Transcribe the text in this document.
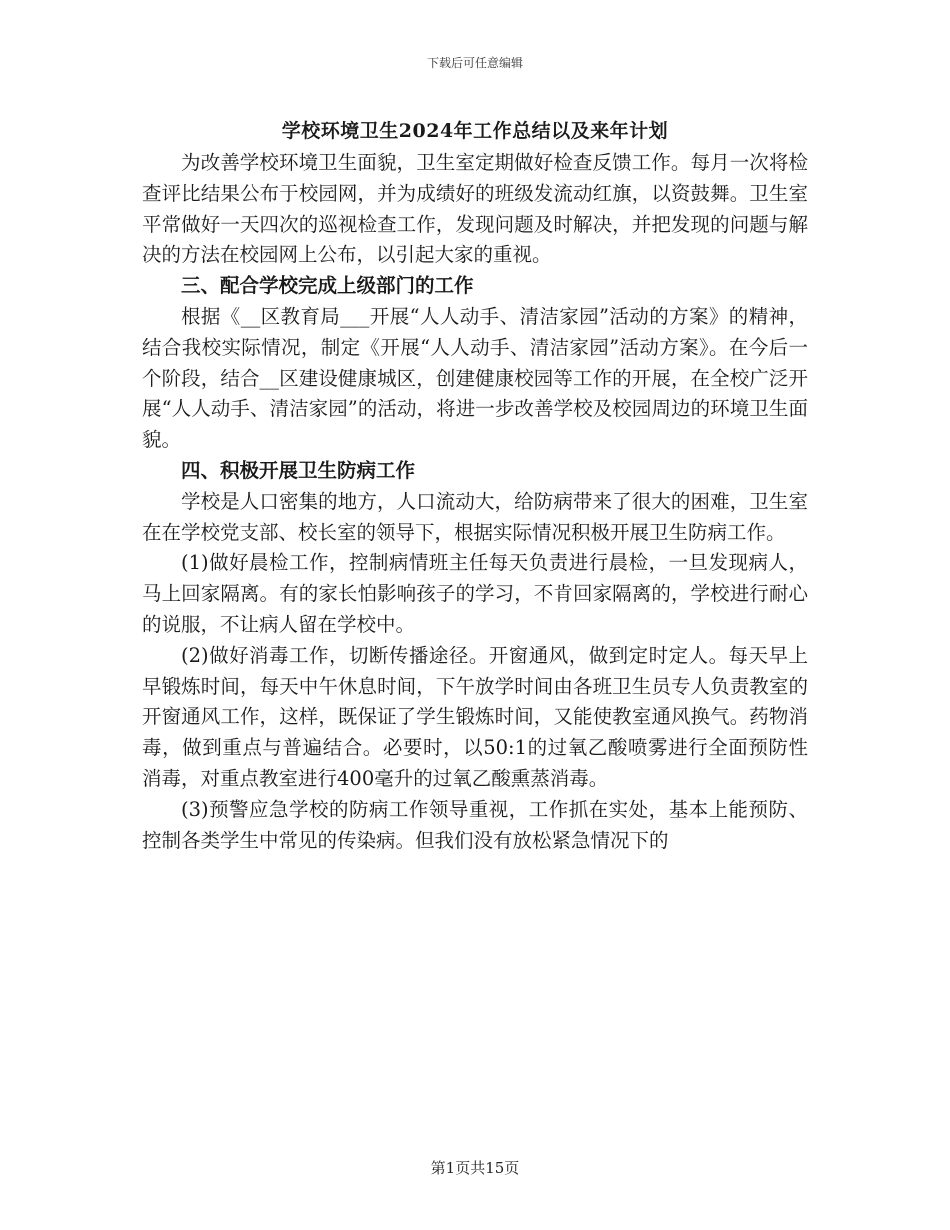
下载后可任意编辑
学校环境卫生2024年工作总结以及来年计划

为改善学校环境卫生面貌，卫生室定期做好检查反馈工作。每月一次将检查评比结果公布于校园网，并为成绩好的班级发流动红旗，以资鼓舞。卫生室平常做好一天四次的巡视检查工作，发现问题及时解决，并把发现的问题与解决的方法在校园网上公布，以引起大家的重视。

三、配合学校完成上级部门的工作

根据《__区教育局___开展“人人动手、清洁家园”活动的方案》的精神，结合我校实际情况，制定《开展“人人动手、清洁家园”活动方案》。在今后一个阶段，结合__区建设健康城区，创建健康校园等工作的开展，在全校广泛开展“人人动手、清洁家园”的活动，将进一步改善学校及校园周边的环境卫生面貌。

四、积极开展卫生防病工作

学校是人口密集的地方，人口流动大，给防病带来了很大的困难，卫生室在在学校党支部、校长室的领导下，根据实际情况积极开展卫生防病工作。

(1)做好晨检工作，控制病情班主任每天负责进行晨检，一旦发现病人，马上回家隔离。有的家长怕影响孩子的学习，不肯回家隔离的，学校进行耐心的说服，不让病人留在学校中。

(2)做好消毒工作，切断传播途径。开窗通风，做到定时定人。每天早上早锻炼时间，每天中午休息时间，下午放学时间由各班卫生员专人负责教室的开窗通风工作，这样，既保证了学生锻炼时间，又能使教室通风换气。药物消毒，做到重点与普遍结合。必要时，以50:1的过氧乙酸喷雾进行全面预防性消毒，对重点教室进行400毫升的过氧乙酸熏蒸消毒。

(3)预警应急学校的防病工作领导重视，工作抓在实处，基本上能预防、控制各类学生中常见的传染病。但我们没有放松紧急情况下的

第1页共15页
